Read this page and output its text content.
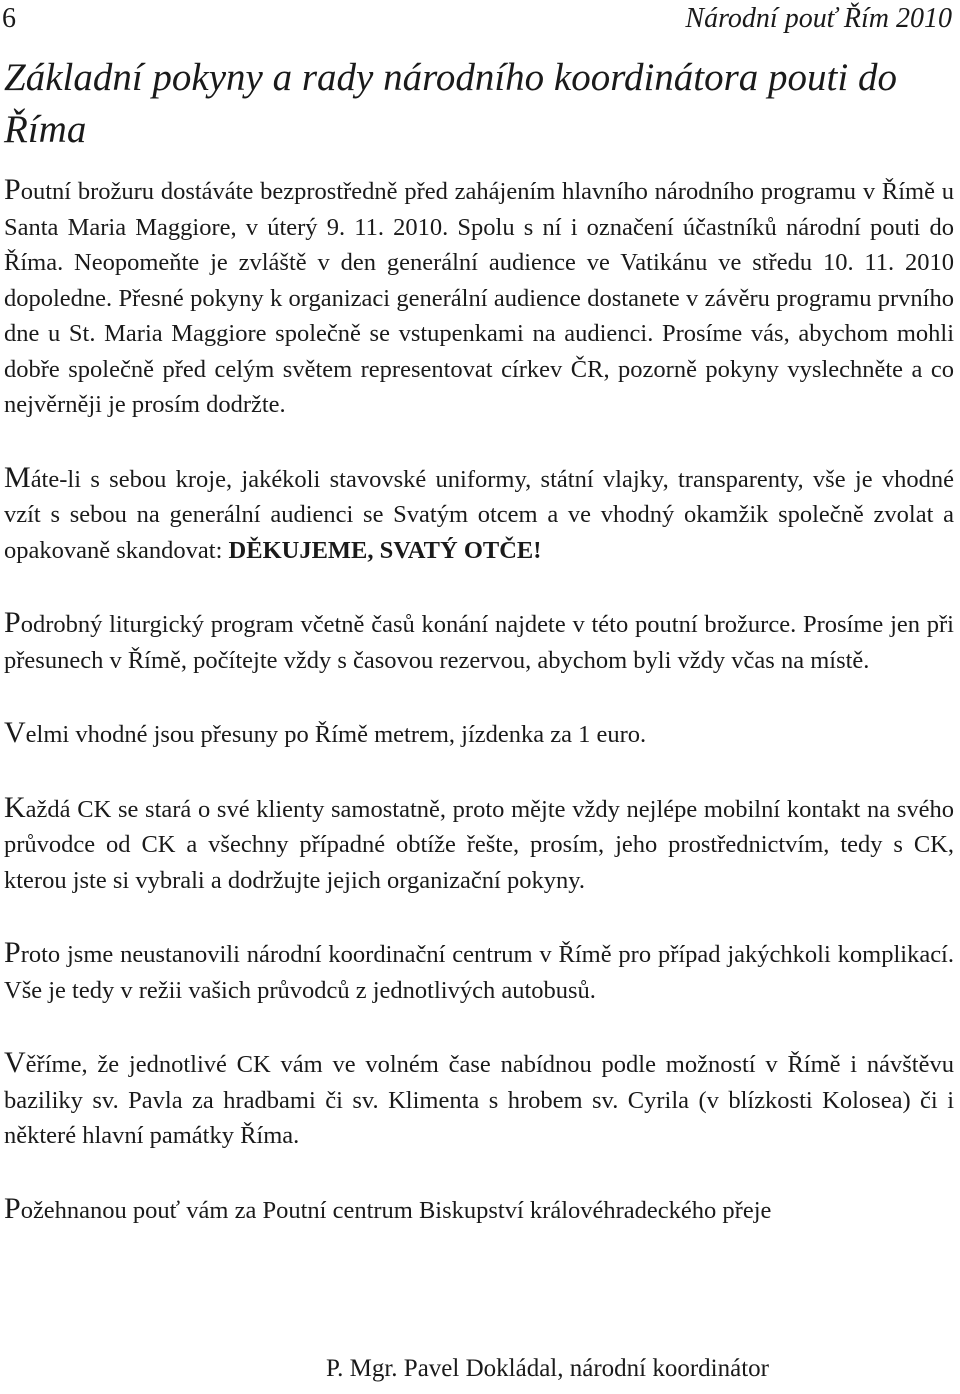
6	Národní pouť Řím 2010
Základní pokyny a rady národního koordinátora pouti do Říma

Poutní brožuru dostáváte bezprostředně před zahájením hlavního národního programu v Římě u Santa Maria Maggiore, v úterý 9. 11. 2010. Spolu s ní i označení účastníků národní pouti do Říma. Neopomeňte je zvláště v den generální audience ve Vatikánu ve středu 10. 11. 2010 dopoledne. Přesné pokyny k organizaci generální audience dostanete v závěru programu prvního dne u St. Maria Maggiore společně se vstupenkami na audienci. Prosíme vás, abychom mohli dobře společně před celým světem representovat církev ČR, pozorně pokyny vyslechněte a co nejvěrněji je prosím dodržte.

Máte-li s sebou kroje, jakékoli stavovské uniformy, státní vlajky, transparenty, vše je vhodné vzít s sebou na generální audienci se Svatým otcem a ve vhodný okamžik společně zvolat a opakovaně skandovat: DĚKUJEME, SVATÝ OTČE!

Podrobný liturgický program včetně časů konání najdete v této poutní brožurce. Prosíme jen při přesunech v Římě, počítejte vždy s časovou rezervou, abychom byli vždy včas na místě.

Velmi vhodné jsou přesuny po Římě metrem, jízdenka za 1 euro.

Každá CK se stará o své klienty samostatně, proto mějte vždy nejlépe mobilní kontakt na svého průvodce od CK a všechny případné obtíže řešte, prosím, jeho prostřednictvím, tedy s CK, kterou jste si vybrali a dodržujte jejich organizační pokyny.

Proto jsme neustanovili národní koordinační centrum v Římě pro případ jakýchkoli komplikací. Vše je tedy v režii vašich průvodců z jednotlivých autobusů.

Věříme, že jednotlivé CK vám ve volném čase nabídnou podle možností v Římě i návštěvu baziliky sv. Pavla za hradbami či sv. Klimenta s hrobem sv. Cyrila (v blízkosti Kolosea) či i některé hlavní památky Říma.

Požehnanou pouť vám za Poutní centrum Biskupství královéhradeckého přeje

P. Mgr. Pavel Dokládal, národní koordinátor
